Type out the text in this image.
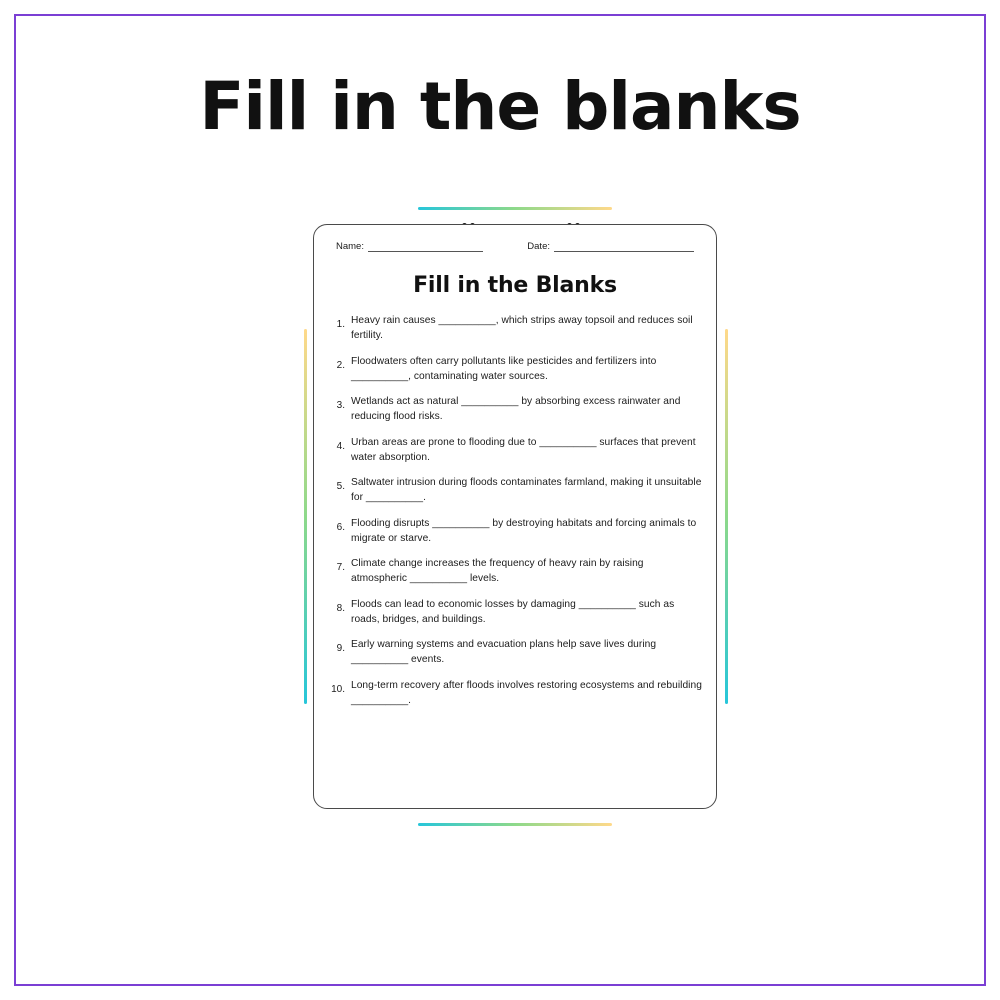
Fill in the blanks
Name:	Date:
Fill in the Blanks
1. Heavy rain causes __________, which strips away topsoil and reduces soil fertility.
2. Floodwaters often carry pollutants like pesticides and fertilizers into __________, contaminating water sources.
3. Wetlands act as natural __________ by absorbing excess rainwater and reducing flood risks.
4. Urban areas are prone to flooding due to __________ surfaces that prevent water absorption.
5. Saltwater intrusion during floods contaminates farmland, making it unsuitable for __________.
6. Flooding disrupts __________ by destroying habitats and forcing animals to migrate or starve.
7. Climate change increases the frequency of heavy rain by raising atmospheric __________ levels.
8. Floods can lead to economic losses by damaging __________ such as roads, bridges, and buildings.
9. Early warning systems and evacuation plans help save lives during __________ events.
10. Long-term recovery after floods involves restoring ecosystems and rebuilding __________.
